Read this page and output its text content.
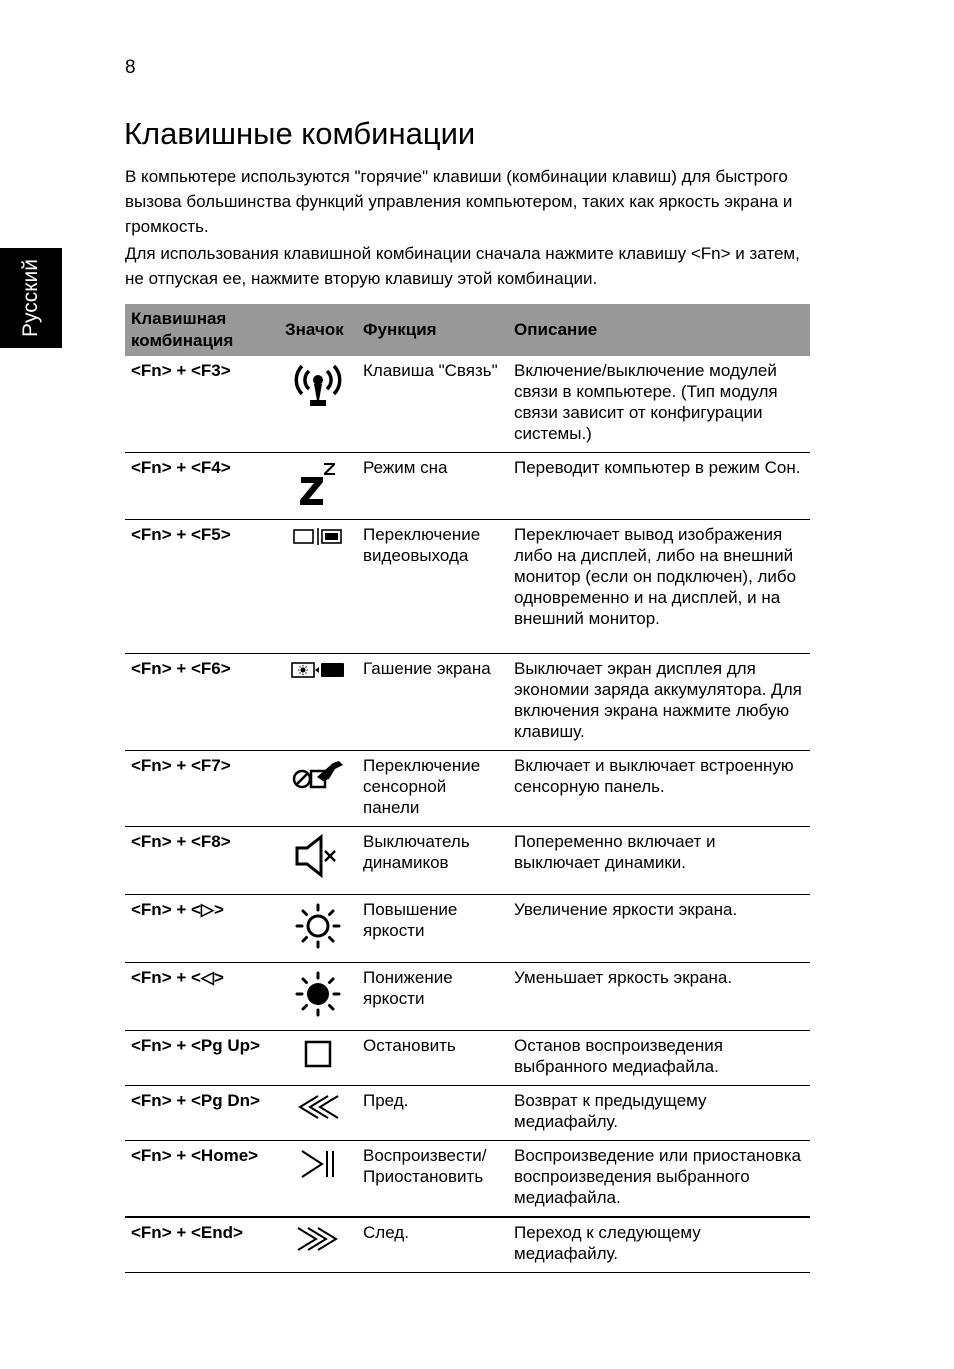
8
Русский
Клавишные комбинации

В компьютере используются "горячие" клавиши (комбинации клавиш) для быстрого вызова большинства функций управления компьютером, таких как яркость экрана и громкость.

Для использования клавишной комбинации сначала нажмите клавишу <Fn> и затем, не отпуская ее, нажмите вторую клавишу этой комбинации.

Клавишная комбинация	Значок	Функция	Описание
<Fn> + <F3>		Клавиша "Связь"	Включение/выключение модулей связи в компьютере. (Тип модуля связи зависит от конфигурации системы.)
<Fn> + <F4>		Режим сна	Переводит компьютер в режим Сон.
<Fn> + <F5>		Переключение видеовыхода	Переключает вывод изображения либо на дисплей, либо на внешний монитор (если он подключен), либо одновременно и на дисплей, и на внешний монитор.
<Fn> + <F6>		Гашение экрана	Выключает экран дисплея для экономии заряда аккумулятора. Для включения экрана нажмите любую клавишу.
<Fn> + <F7>		Переключение сенсорной панели	Включает и выключает встроенную сенсорную панель.
<Fn> + <F8>		Выключатель динамиков	Попеременно включает и выключает динамики.
<Fn> + <▷>		Повышение яркости	Увеличение яркости экрана.
<Fn> + <◁>		Понижение яркости	Уменьшает яркость экрана.
<Fn> + <Pg Up>		Остановить	Останов воспроизведения выбранного медиафайла.
<Fn> + <Pg Dn>		Пред.	Возврат к предыдущему медиафайлу.
<Fn> + <Home>		Воспроизвести/ Приостановить	Воспроизведение или приостановка воспроизведения выбранного медиафайла.
<Fn> + <End>		След.	Переход к следующему медиафайлу.
